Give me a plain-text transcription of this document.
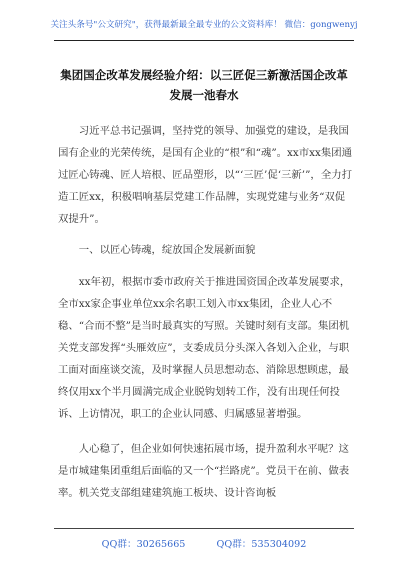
关注头条号"公文研究"，获得最新最全最专业的公文资料库！ 微信：gongwenyj
集团国企改革发展经验介绍：以三匠促三新激活国企改革
发展一池春水

习近平总书记强调，坚持党的领导、加强党的建设，是我国国有企业的光荣传统，是国有企业的“根”和“魂”。xx市xx集团通过匠心铸魂、匠人培根、匠品塑形，以“‘三匠’促‘三新’”，全力打造工匠xx，积极唱响基层党建工作品牌，实现党建与业务“双促双提升”。

一、以匠心铸魂，绽放国企发展新面貌

xx年初，根据市委市政府关于推进国资国企改革发展要求，全市xx家企事业单位xx余名职工划入市xx集团，企业人心不稳、“合而不整”是当时最真实的写照。关键时刻有支部。集团机关党支部发挥“头雁效应”，支委成员分头深入各划入企业，与职工面对面座谈交流，及时掌握人员思想动态、消除思想顾虑，最终仅用xx个半月圆满完成企业脱钩划转工作，没有出现任何投诉、上访情况，职工的企业认同感、归属感显著增强。

人心稳了，但企业如何快速拓展市场，提升盈利水平呢？这是市城建集团重组后面临的又一个“拦路虎”。党员干在前、做表率。机关党支部组建建筑施工板块、设计咨询板

QQ群：30265665	QQ群：535304092
